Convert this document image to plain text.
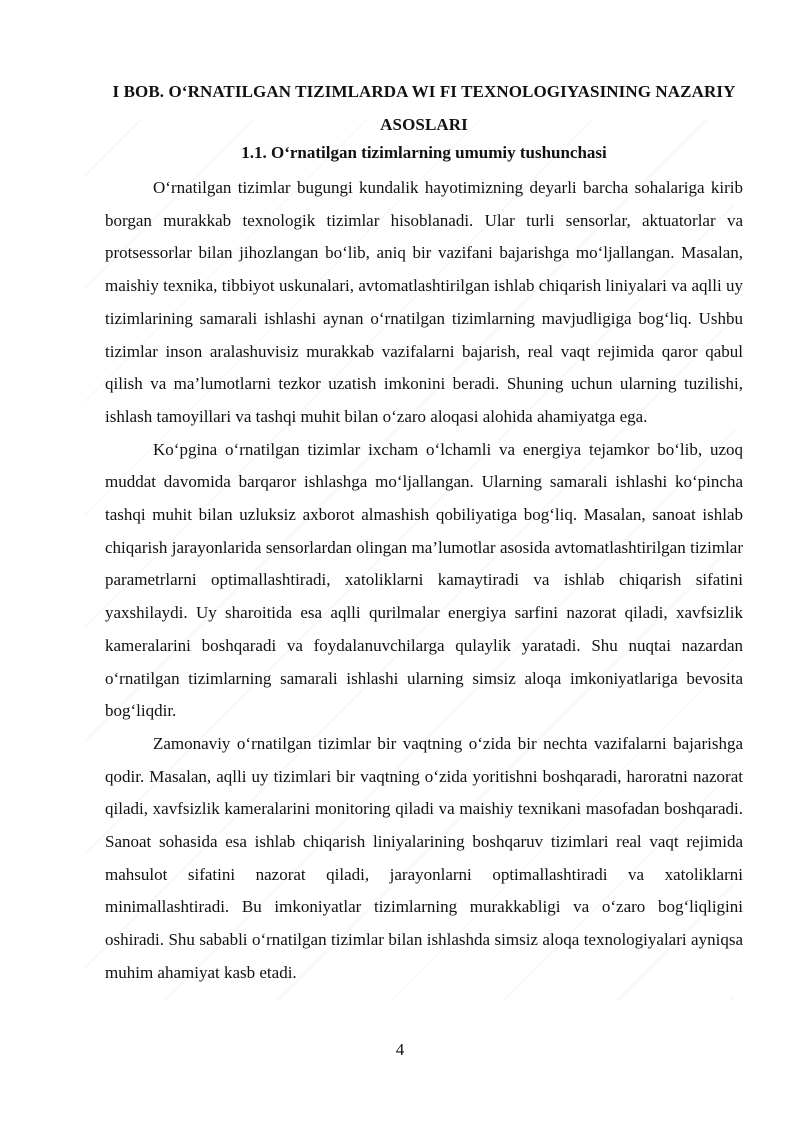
I BOB. O‘RNATILGAN TIZIMLARDA WI FI TEXNOLOGIYASINING NAZARIY ASOSLARI
1.1. O‘rnatilgan tizimlarning umumiy tushunchasi

O‘rnatilgan tizimlar bugungi kundalik hayotimizning deyarli barcha sohalariga kirib borgan murakkab texnologik tizimlar hisoblanadi. Ular turli sensorlar, aktuatorlar va protsessorlar bilan jihozlangan bo‘lib, aniq bir vazifani bajarishga mo‘ljallangan. Masalan, maishiy texnika, tibbiyot uskunalari, avtomatlashtirilgan ishlab chiqarish liniyalari va aqlli uy tizimlarining samarali ishlashi aynan o‘rnatilgan tizimlarning mavjudligiga bog‘liq. Ushbu tizimlar inson aralashuvisiz murakkab vazifalarni bajarish, real vaqt rejimida qaror qabul qilish va ma’lumotlarni tezkor uzatish imkonini beradi. Shuning uchun ularning tuzilishi, ishlash tamoyillari va tashqi muhit bilan o‘zaro aloqasi alohida ahamiyatga ega.

Ko‘pgina o‘rnatilgan tizimlar ixcham o‘lchamli va energiya tejamkor bo‘lib, uzoq muddat davomida barqaror ishlashga mo‘ljallangan. Ularning samarali ishlashi ko‘pincha tashqi muhit bilan uzluksiz axborot almashish qobiliyatiga bog‘liq. Masalan, sanoat ishlab chiqarish jarayonlarida sensorlardan olingan ma’lumotlar asosida avtomatlashtirilgan tizimlar parametrlarni optimallashtiradi, xatoliklarni kamaytiradi va ishlab chiqarish sifatini yaxshilaydi. Uy sharoitida esa aqlli qurilmalar energiya sarfini nazorat qiladi, xavfsizlik kameralarini boshqaradi va foydalanuvchilarga qulaylik yaratadi. Shu nuqtai nazardan o‘rnatilgan tizimlarning samarali ishlashi ularning simsiz aloqa imkoniyatlariga bevosita bog‘liqdir.

Zamonaviy o‘rnatilgan tizimlar bir vaqtning o‘zida bir nechta vazifalarni bajarishga qodir. Masalan, aqlli uy tizimlari bir vaqtning o‘zida yoritishni boshqaradi, haroratni nazorat qiladi, xavfsizlik kameralarini monitoring qiladi va maishiy texnikani masofadan boshqaradi. Sanoat sohasida esa ishlab chiqarish liniyalarining boshqaruv tizimlari real vaqt rejimida mahsulot sifatini nazorat qiladi, jarayonlarni optimallashtiradi va xatoliklarni minimallashtiradi. Bu imkoniyatlar tizimlarning murakkabligi va o‘zaro bog‘liqligini oshiradi. Shu sababli o‘rnatilgan tizimlar bilan ishlashda simsiz aloqa texnologiyalari ayniqsa muhim ahamiyat kasb etadi.

4
